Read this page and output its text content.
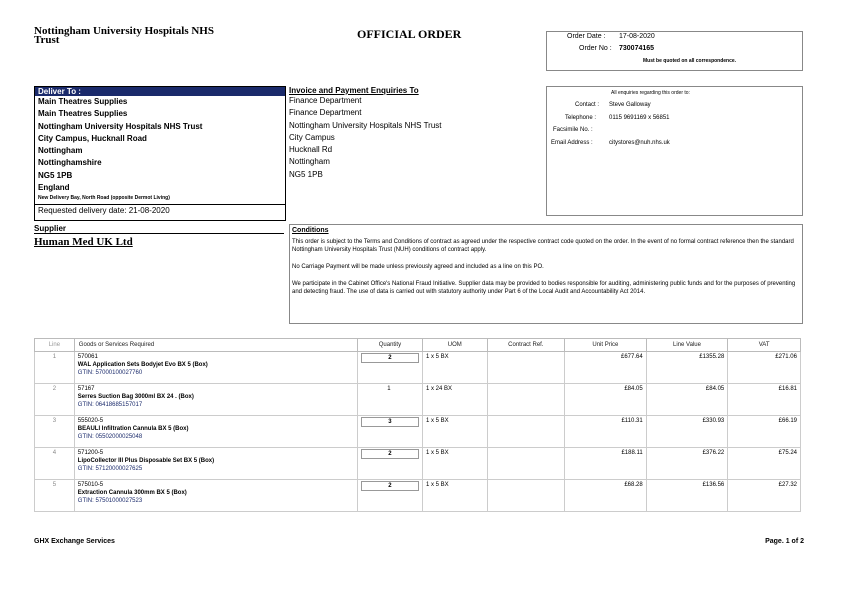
Nottingham University Hospitals NHS
Trust	OFFICIAL ORDER	Order Date : 17-08-2020
Order No : 730074165
Must be quoted on all correspondence.
Deliver To :
Main Theatres Supplies
Main Theatres Supplies
Nottingham University Hospitals NHS Trust
City Campus, Hucknall Road
Nottingham
Nottinghamshire
NG5 1PB
England
New Delivery Bay, North Road (opposite Dermot Living)
Requested delivery date: 21-08-2020
Invoice and Payment Enquiries To
Finance Department
Finance Department
Nottingham University Hospitals NHS Trust
City Campus
Hucknall Rd
Nottingham
NG5 1PB
All enquiries regarding this order to:
Contact : Steve Galloway
Telephone : 0115 9691169 x 56851
Facsimile No. :
Email Address :	citystores@nuh.nhs.uk
Supplier
Human Med UK Ltd
Conditions

This order is subject to the Terms and Conditions of contract as agreed under the respective contract code quoted on the order. In the event of no formal contract reference then the standard Nottingham University Hospitals Trust (NUH) conditions of contract apply.

No Carriage Payment will be made unless previously agreed and included as a line on this PO.

We participate in the Cabinet Office's National Fraud Initiative. Supplier data may be provided to bodies responsible for auditing, administering public funds and for the purposes of preventing and detecting fraud. The use of data is carried out with statutory authority under Part 6 of the Local Audit and Accountability Act 2014.

Line	Goods or Services Required	Quantity	UOM	Contract Ref.	Unit Price	Line Value	VAT
1	570061
WAL Application Sets Bodyjet Evo BX 5 (Box)
GTIN: 57000100027760	2	1 x 5 BX		£677.64	£1355.28	£271.06
2	57167
Serres Suction Bag 3000ml BX 24 . (Box)
GTIN: 06418685157017	1	1 x 24 BX		£84.05	£84.05	£16.81
3	555020-5
BEAULI Infiltration Cannula BX 5 (Box)
GTIN: 05502000025048	3	1 x 5 BX		£110.31	£330.93	£66.19
4	571200-5
LipoCollector III Plus Disposable Set BX 5 (Box)
GTIN: 57120000027625	2	1 x 5 BX		£188.11	£376.22	£75.24
5	575010-5
Extraction Cannula 300mm BX 5 (Box)
GTIN: 57501000027523	2	1 x 5 BX		£68.28	£136.56	£27.32
GHX Exchange Services	Page. 1 of 2
